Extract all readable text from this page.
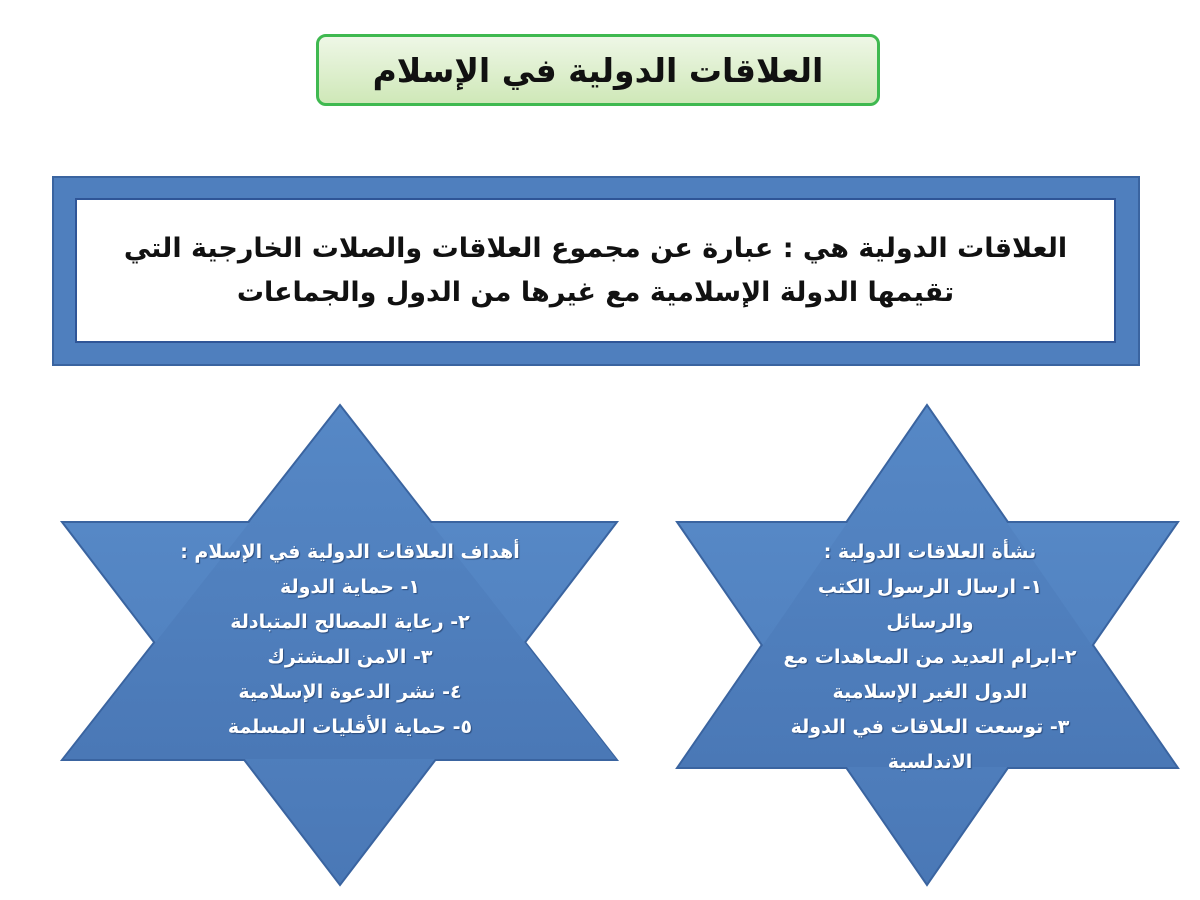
العلاقات الدولية في الإسلام
العلاقات الدولية هي : عبارة عن مجموع العلاقات والصلات الخارجية التي
تقيمها الدولة الإسلامية مع غيرها من الدول والجماعات
أهداف العلاقات الدولية في الإسلام :
١- حماية الدولة
٢- رعاية المصالح المتبادلة
٣- الامن المشترك
٤- نشر الدعوة الإسلامية
٥- حماية الأقليات المسلمة
نشأة العلاقات الدولية :
١- ارسال الرسول الكتب
والرسائل
٢-ابرام العديد من المعاهدات مع
الدول الغير الإسلامية
٣- توسعت العلاقات في الدولة
الاندلسية
